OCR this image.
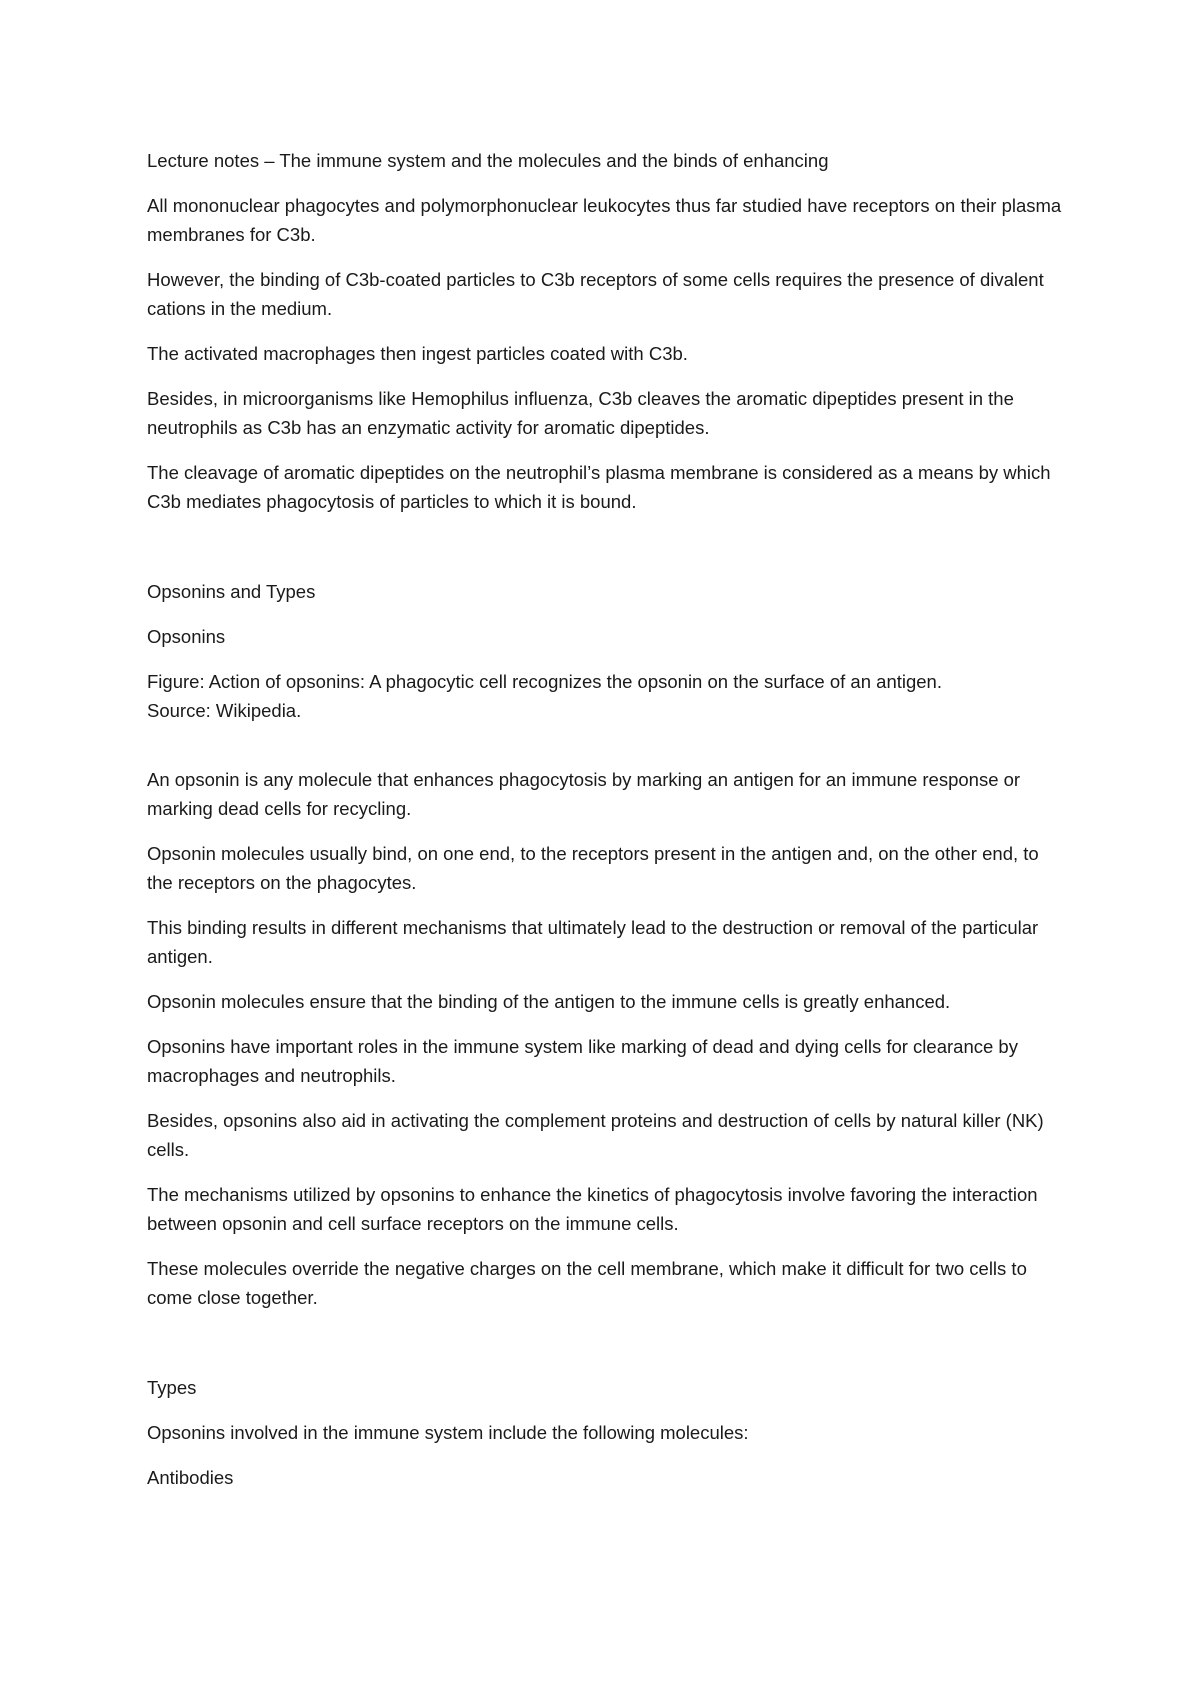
Lecture notes – The immune system and the molecules and the binds of enhancing

All mononuclear phagocytes and polymorphonuclear leukocytes thus far studied have receptors on their plasma membranes for C3b.

However, the binding of C3b-coated particles to C3b receptors of some cells requires the presence of divalent cations in the medium.

The activated macrophages then ingest particles coated with C3b.

Besides, in microorganisms like Hemophilus influenza, C3b cleaves the aromatic dipeptides present in the neutrophils as C3b has an enzymatic activity for aromatic dipeptides.

The cleavage of aromatic dipeptides on the neutrophil’s plasma membrane is considered as a means by which C3b mediates phagocytosis of particles to which it is bound.

Opsonins and Types

Opsonins

Figure: Action of opsonins: A phagocytic cell recognizes the opsonin on the surface of an antigen.
Source: Wikipedia.

An opsonin is any molecule that enhances phagocytosis by marking an antigen for an immune response or marking dead cells for recycling.

Opsonin molecules usually bind, on one end, to the receptors present in the antigen and, on the other end, to the receptors on the phagocytes.

This binding results in different mechanisms that ultimately lead to the destruction or removal of the particular antigen.

Opsonin molecules ensure that the binding of the antigen to the immune cells is greatly enhanced.

Opsonins have important roles in the immune system like marking of dead and dying cells for clearance by macrophages and neutrophils.

Besides, opsonins also aid in activating the complement proteins and destruction of cells by natural killer (NK) cells.

The mechanisms utilized by opsonins to enhance the kinetics of phagocytosis involve favoring the interaction between opsonin and cell surface receptors on the immune cells.

These molecules override the negative charges on the cell membrane, which make it difficult for two cells to come close together.

Types

Opsonins involved in the immune system include the following molecules:

Antibodies
